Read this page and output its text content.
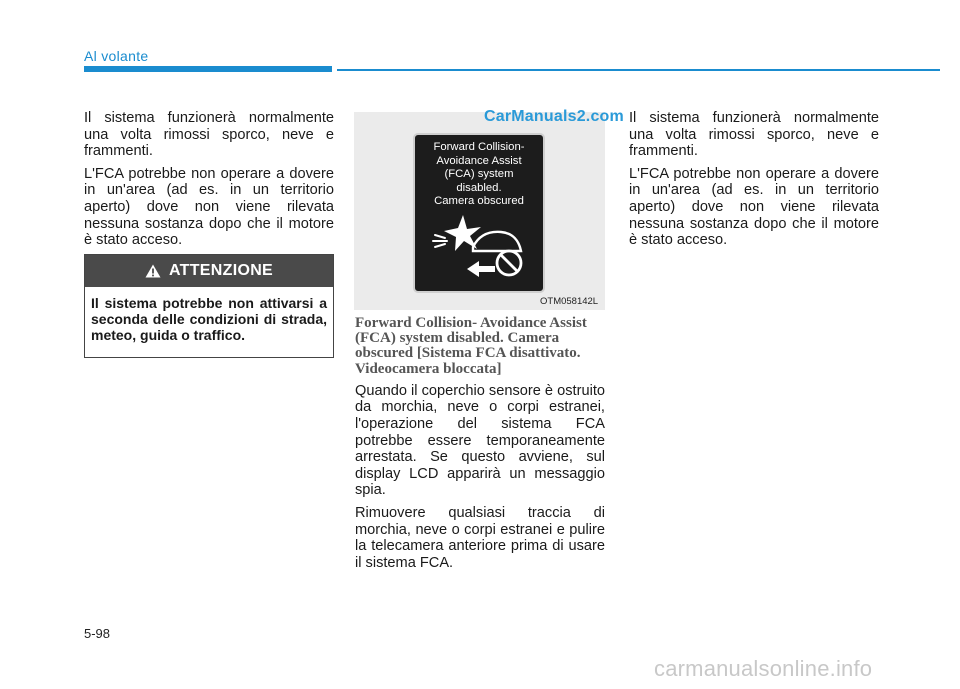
Al volante

Il sistema funzionerà normalmente una volta rimossi sporco, neve e frammenti.

L'FCA potrebbe non operare a dovere in un'area (ad es. in un territorio aperto) dove non viene rilevata nessuna sostanza dopo che il motore è stato acceso.

ATTENZIONE
Il sistema potrebbe non attivarsi a seconda delle condizioni di strada, meteo, guida o traffico.
CarManuals2.com
Forward Collision-
Avoidance Assist
(FCA) system
disabled.
Camera obscured
OTM058142L
Forward Collision- Avoidance Assist (FCA) system disabled. Camera obscured [Sistema FCA disattivato. Videocamera bloccata]

Quando il coperchio sensore è ostruito da morchia, neve o corpi estranei, l'operazione del sistema FCA potrebbe essere temporaneamente arrestata. Se questo avviene, sul display LCD apparirà un messaggio spia.

Rimuovere qualsiasi traccia di morchia, neve o corpi estranei e pulire la telecamera anteriore prima di usare il sistema FCA.

Il sistema funzionerà normalmente una volta rimossi sporco, neve e frammenti.

L'FCA potrebbe non operare a dovere in un'area (ad es. in un territorio aperto) dove non viene rilevata nessuna sostanza dopo che il motore è stato acceso.

5-98
carmanualsonline.info
